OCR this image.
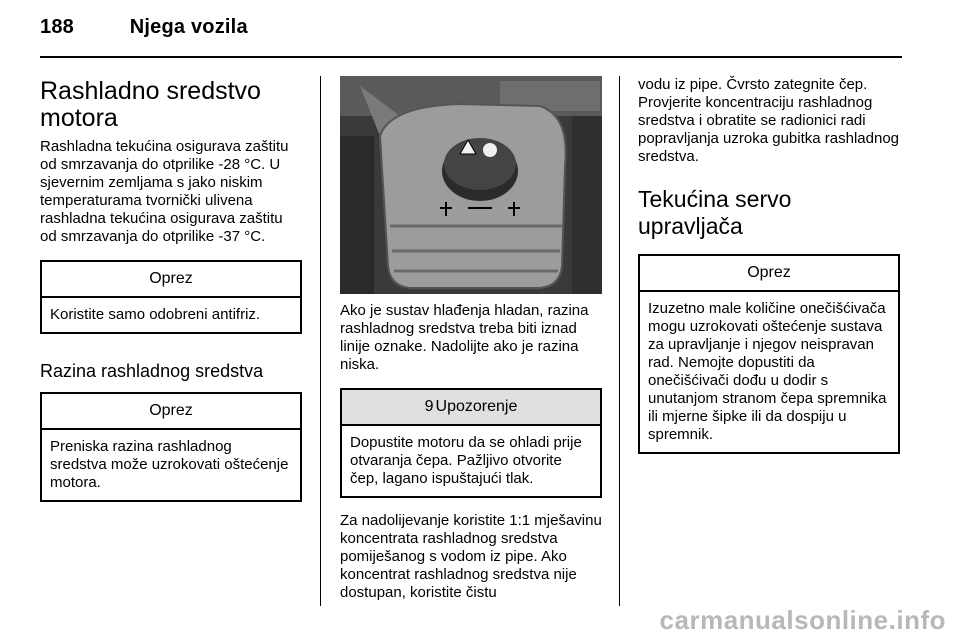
188	Njega vozila
Rashladno sredstvo motora

Rashladna tekućina osigurava zaštitu od smrzavanja do otprilike -28 °C. U sjevernim zemljama s jako niskim temperaturama tvornički ulivena rashladna tekućina osigurava zaštitu od smrzavanja do otprilike -37 °C.

Oprez
Koristite samo odobreni antifriz.
Razina rashladnog sredstva
Oprez
Preniska razina rashladnog sredstva može uzrokovati oštećenje motora.

Ako je sustav hlađenja hladan, razina rashladnog sredstva treba biti iznad linije oznake. Nadolijte ako je razina niska.

9 Upozorenje
Dopustite motoru da se ohladi prije otvaranja čepa. Pažljivo otvorite čep, lagano ispuštajući tlak.

Za nadolijevanje koristite 1:1 mješavinu koncentrata rashladnog sredstva pomiješanog s vodom iz pipe. Ako koncentrat rashladnog sredstva nije dostupan, koristite čistu

vodu iz pipe. Čvrsto zategnite čep. Provjerite koncentraciju rashladnog sredstva i obratite se radionici radi popravljanja uzroka gubitka rashladnog sredstva.

Tekućina servo upravljača
Oprez
Izuzetno male količine onečišćivača mogu uzrokovati oštećenje sustava za upravljanje i njegov neispravan rad. Nemojte dopustiti da onečišćivači dođu u dodir s unutanjom stranom čepa spremnika ili mjerne šipke ili da dospiju u spremnik.
carmanualsonline.info
